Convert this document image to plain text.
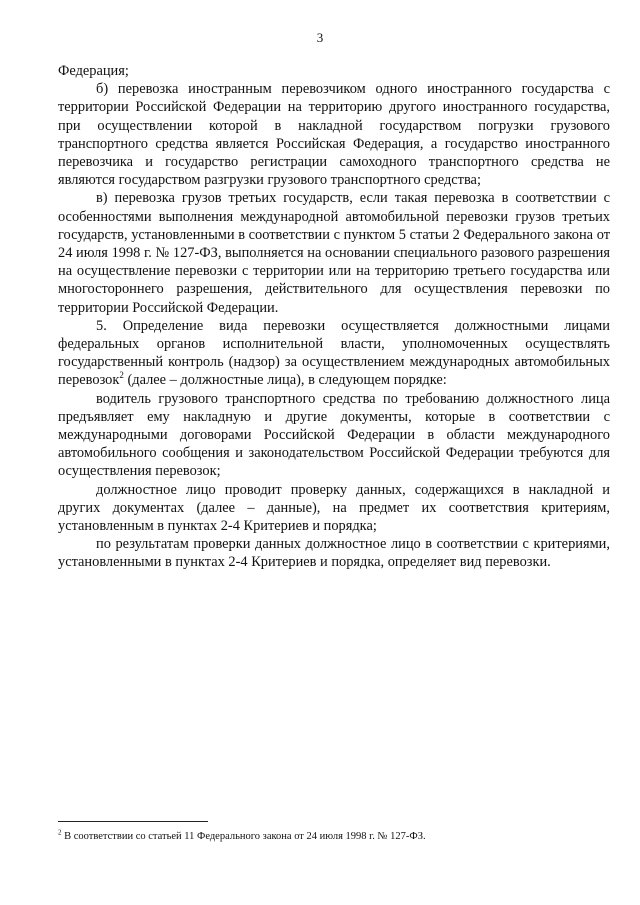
3

Федерация;

б) перевозка иностранным перевозчиком одного иностранного государства с территории Российской Федерации на территорию другого иностранного государства, при осуществлении которой в накладной государством погрузки грузового транспортного средства является Российская Федерация, а государство иностранного перевозчика и государство регистрации самоходного транспортного средства не являются государством разгрузки грузового транспортного средства;

в) перевозка грузов третьих государств, если такая перевозка в соответствии с особенностями выполнения международной автомобильной перевозки грузов третьих государств, установленными в соответствии с пунктом 5 статьи 2 Федерального закона от 24 июля 1998 г. № 127-ФЗ, выполняется на основании специального разового разрешения на осуществление перевозки с территории или на территорию третьего государства или многостороннего разрешения, действительного для осуществления перевозки по территории Российской Федерации.

5. Определение вида перевозки осуществляется должностными лицами федеральных органов исполнительной власти, уполномоченных осуществлять государственный контроль (надзор) за осуществлением международных автомобильных перевозок$^2$ (далее – должностные лица), в следующем порядке:

водитель грузового транспортного средства по требованию должностного лица предъявляет ему накладную и другие документы, которые в соответствии с международными договорами Российской Федерации в области международного автомобильного сообщения и законодательством Российской Федерации требуются для осуществления перевозок;

должностное лицо проводит проверку данных, содержащихся в накладной и других документах (далее – данные), на предмет их соответствия критериям, установленным в пунктах 2-4 Критериев и порядка;

по результатам проверки данных должностное лицо в соответствии с критериями, установленными в пунктах 2-4 Критериев и порядка, определяет вид перевозки.

$^2$ В соответствии со статьей 11 Федерального закона от 24 июля 1998 г. № 127-ФЗ.
